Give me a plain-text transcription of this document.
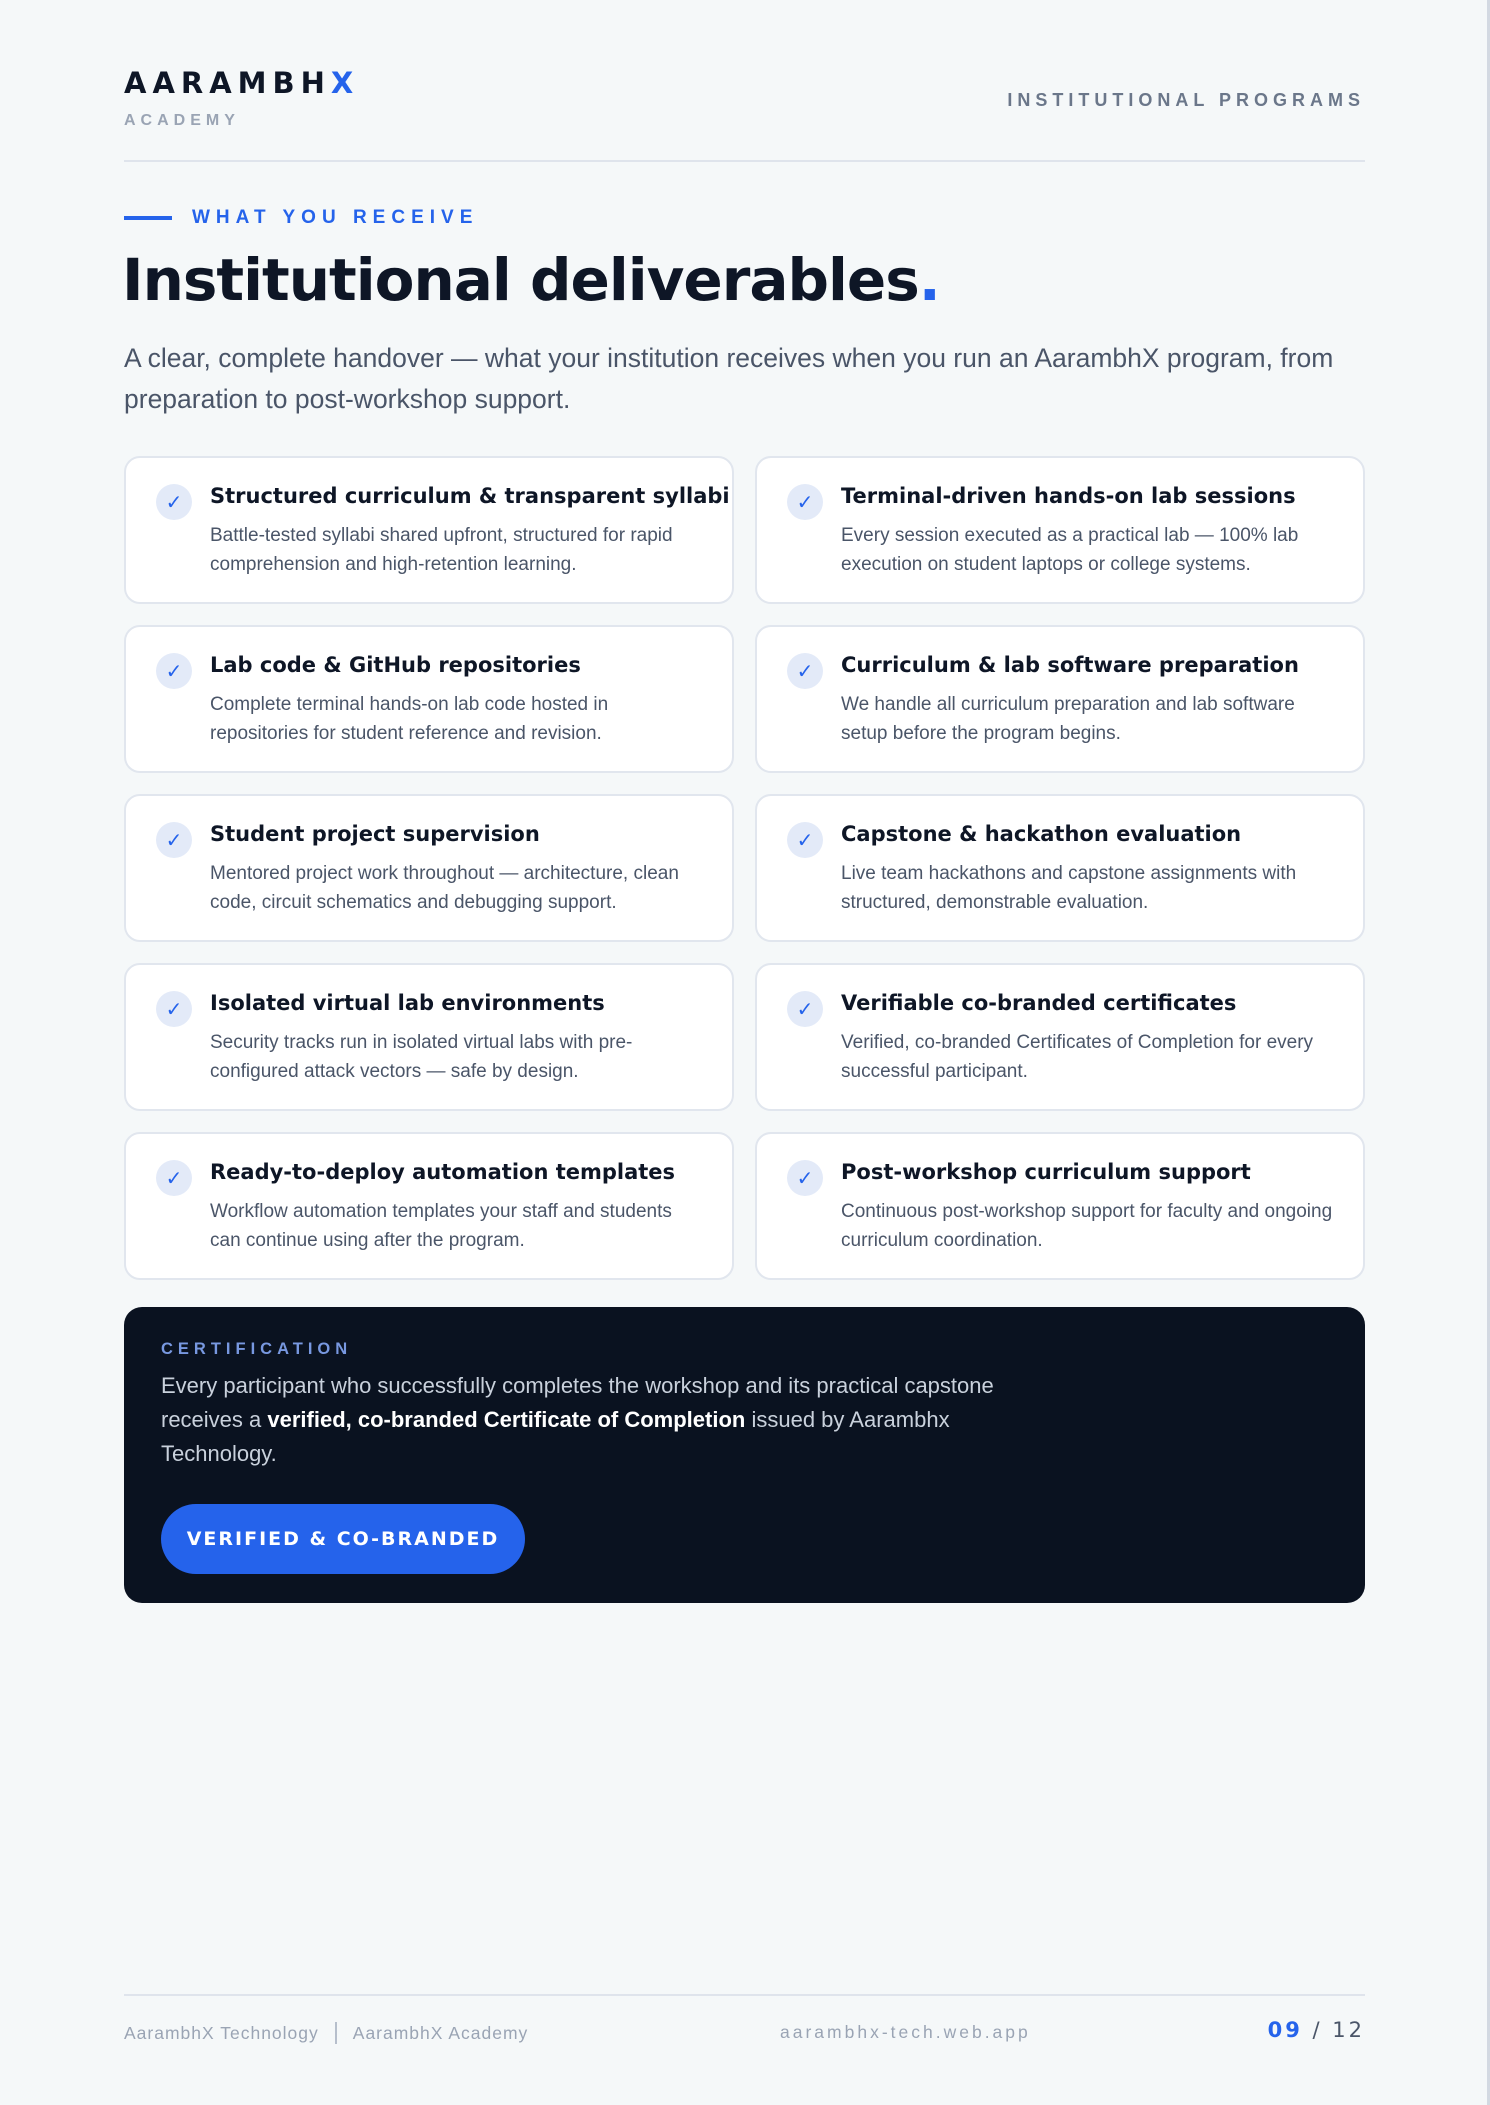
AARAMBHX
ACADEMY
INSTITUTIONAL PROGRAMS
WHAT YOU RECEIVE
Institutional deliverables.

A clear, complete handover — what your institution receives when you run an AarambhX program, from preparation to post-workshop support.

✓	Structured curriculum & transparent syllabi
Battle-tested syllabi shared upfront, structured for rapid comprehension and high-retention learning.
✓	Terminal-driven hands-on lab sessions
Every session executed as a practical lab — 100% lab execution on student laptops or college systems.
✓	Lab code & GitHub repositories
Complete terminal hands-on lab code hosted in repositories for student reference and revision.
✓	Curriculum & lab software preparation
We handle all curriculum preparation and lab software setup before the program begins.
✓	Student project supervision
Mentored project work throughout — architecture, clean code, circuit schematics and debugging support.
✓	Capstone & hackathon evaluation
Live team hackathons and capstone assignments with structured, demonstrable evaluation.
✓	Isolated virtual lab environments
Security tracks run in isolated virtual labs with pre-configured attack vectors — safe by design.
✓	Verifiable co-branded certificates
Verified, co-branded Certificates of Completion for every successful participant.
✓	Ready-to-deploy automation templates
Workflow automation templates your staff and students can continue using after the program.
✓	Post-workshop curriculum support
Continuous post-workshop support for faculty and ongoing curriculum coordination.
CERTIFICATION

Every participant who successfully completes the workshop and its practical capstone receives a verified, co-branded Certificate of Completion issued by Aarambhx Technology.

VERIFIED & CO-BRANDED
AarambhX Technology AarambhX Academy	aarambhx-tech.web.app	09 / 12
